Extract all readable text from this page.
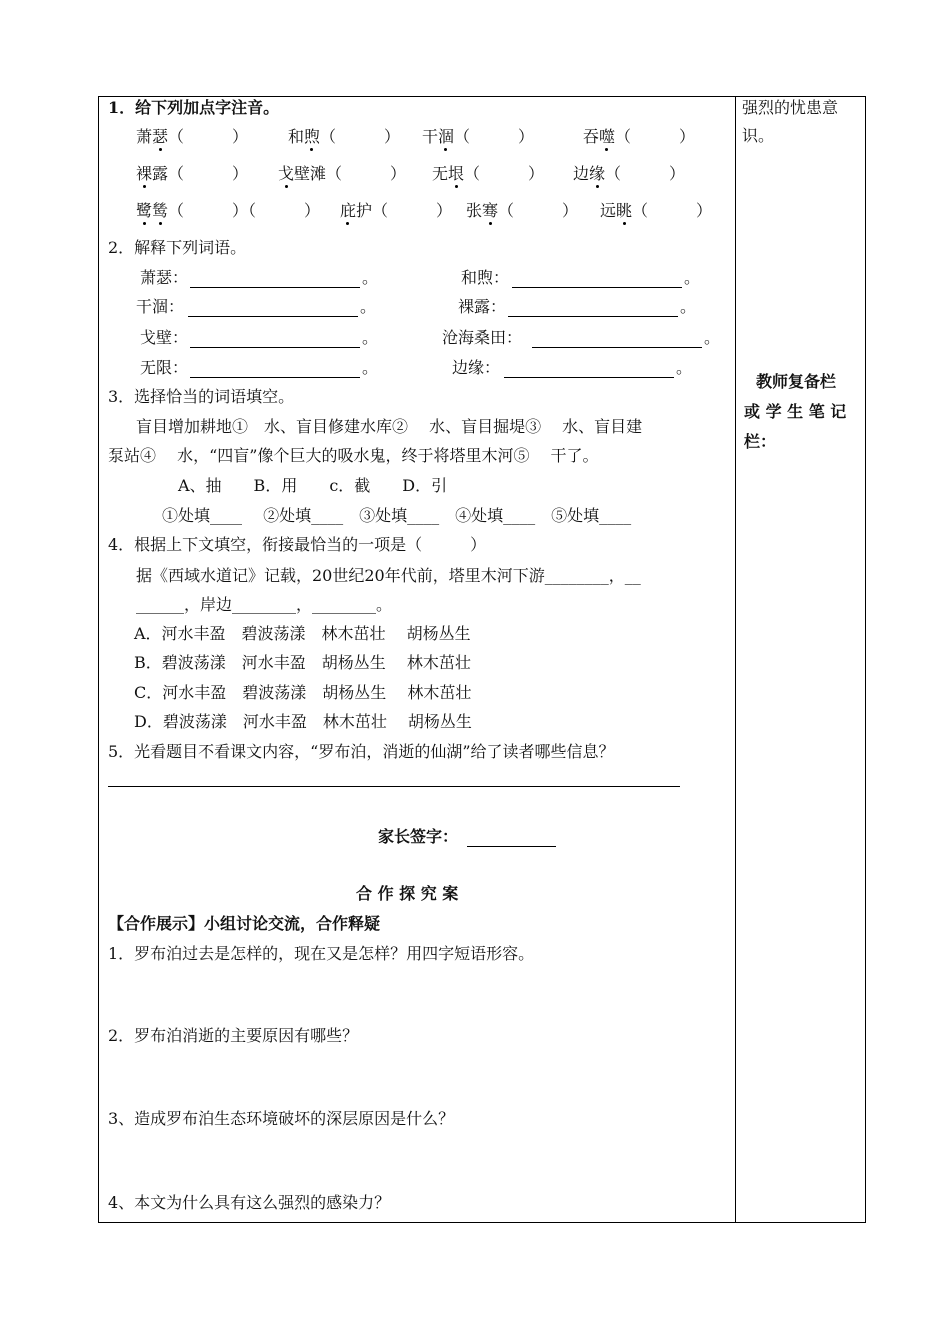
强烈的忧患意
识。
教师复备栏
或 学 生 笔 记
栏：
1．给下列加点字注音。
萧瑟（　　　） 和煦（　　　） 干涸（　　　）	吞噬（　　　）
裸露（　　　） 戈壁滩（　　　） 无垠（　　　） 边缘（　　　）
鹭鸶（　　　）（　　　） 庇护（　　　） 张骞（　　　） 远眺（　　　）
2．解释下列词语。
萧瑟：	。	和煦：	。
干涸：	。	裸露：	。
戈壁：	。	沧海桑田：	。
无限：	。	边缘：	。
3．选择恰当的词语填空。
盲目增加耕地①　水、盲目修建水库②　 水、盲目掘堤③　 水、盲目建
泵站④　 水，“四盲”像个巨大的吸水鬼，终于将塔里木河⑤　 干了。
A、抽　　B．用　　c．截　　D．引
①处填____　 ②处填____　③处填____　④处填____　⑤处填____
4．根据上下文填空，衔接最恰当的一项是（　　　）
据《西域水道记》记载，20世纪20年代前，塔里木河下游________，__
______，岸边________，________。
A．河水丰盈　碧波荡漾　林木茁壮　 胡杨丛生
B．碧波荡漾　河水丰盈　胡杨丛生　 林木茁壮
C．河水丰盈　碧波荡漾　胡杨丛生　 林木茁壮
D．碧波荡漾　河水丰盈　林木茁壮　 胡杨丛生
5．光看题目不看课文内容，“罗布泊，消逝的仙湖”给了读者哪些信息？
家长签字：
合 作 探 究 案
【合作展示】小组讨论交流，合作释疑
1．罗布泊过去是怎样的，现在又是怎样？用四字短语形容。
2．罗布泊消逝的主要原因有哪些？
3、造成罗布泊生态环境破坏的深层原因是什么？
4、本文为什么具有这么强烈的感染力？
